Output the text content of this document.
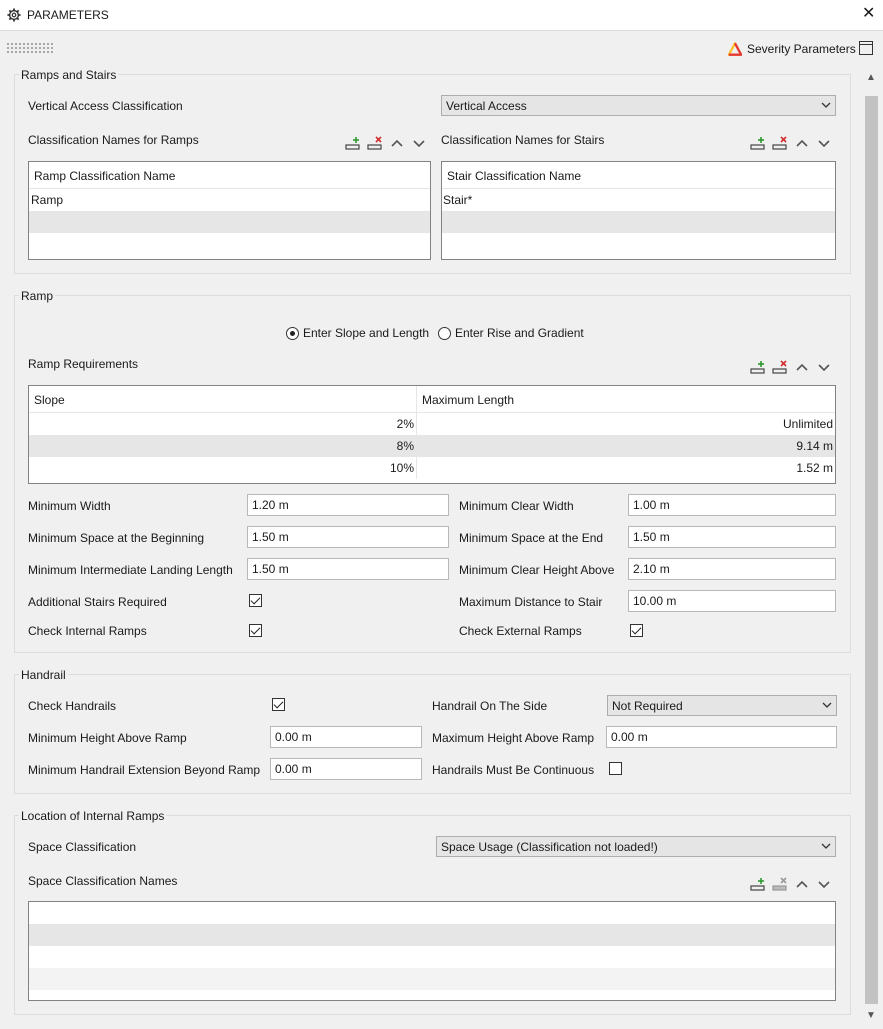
PARAMETERS	✕
Severity Parameters
▲
▼
Ramps and Stairs
Vertical Access Classification	Vertical Access
Classification Names for Ramps	Classification Names for Stairs
Ramp Classification Name
Ramp
Stair Classification Name
Stair*
Ramp
Enter Slope and Length Enter Rise and Gradient
Ramp Requirements
Slope	Maximum Length
2%	Unlimited
8%	9.14 m
10%	1.52 m
Minimum Width	1.20 m	Minimum Clear Width	1.00 m
Minimum Space at the Beginning	1.50 m	Minimum Space at the End	1.50 m
Minimum Intermediate Landing Length	1.50 m	Minimum Clear Height Above	2.10 m
Additional Stairs Required	Maximum Distance to Stair	10.00 m
Check Internal Ramps	Check External Ramps
Handrail
Check Handrails	Handrail On The Side	Not Required
Minimum Height Above Ramp	0.00 m	Maximum Height Above Ramp	0.00 m
Minimum Handrail Extension Beyond Ramp	0.00 m	Handrails Must Be Continuous
Location of Internal Ramps
Space Classification	Space Usage (Classification not loaded!)
Space Classification Names
